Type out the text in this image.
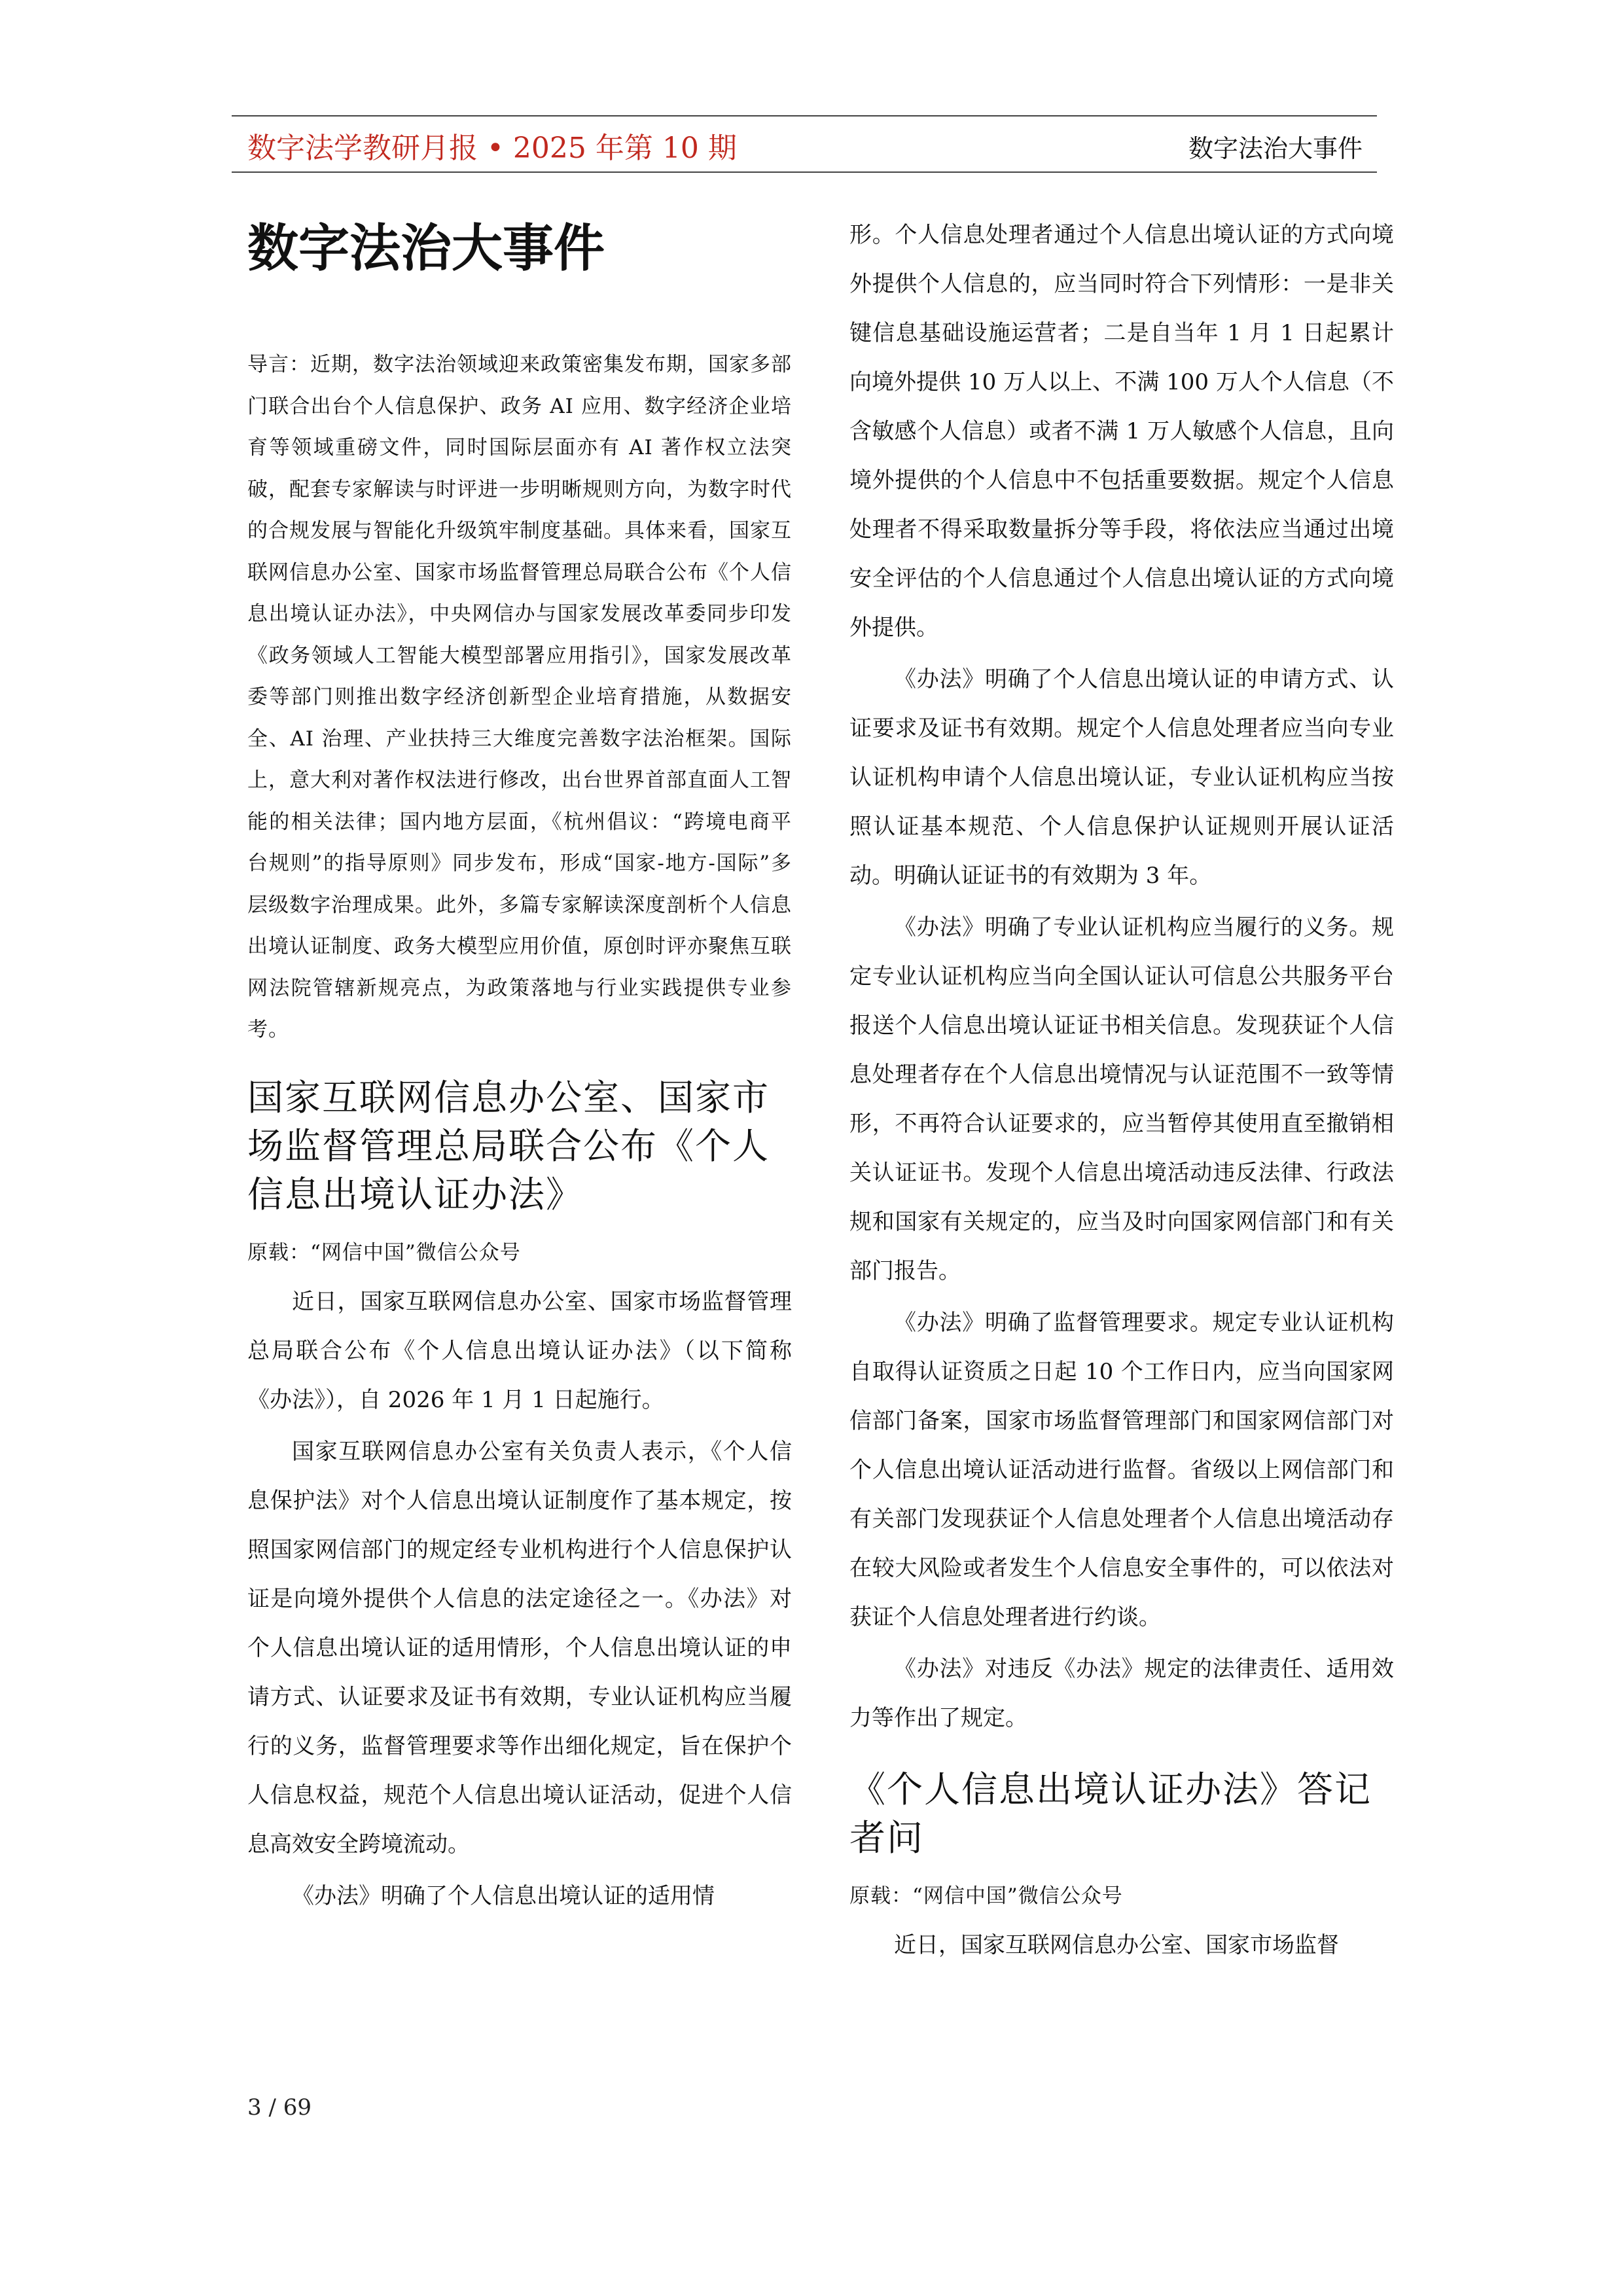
数字法学教研月报 • 2025 年第 10 期	数字法治大事件
数字法治大事件

导言：近期，数字法治领域迎来政策密集发布期，国家多部门联合出台个人信息保护、政务 AI 应用、数字经济企业培育等领域重磅文件，同时国际层面亦有 AI 著作权立法突破，配套专家解读与时评进一步明晰规则方向，为数字时代的合规发展与智能化升级筑牢制度基础。具体来看，国家互联网信息办公室、国家市场监督管理总局联合公布《个人信息出境认证办法》，中央网信办与国家发展改革委同步印发《政务领域人工智能大模型部署应用指引》，国家发展改革委等部门则推出数字经济创新型企业培育措施，从数据安全、AI 治理、产业扶持三大维度完善数字法治框架。国际上，意大利对著作权法进行修改，出台世界首部直面人工智能的相关法律；国内地方层面，《杭州倡议：“跨境电商平台规则”的指导原则》同步发布，形成“国家-地方-国际”多层级数字治理成果。此外，多篇专家解读深度剖析个人信息出境认证制度、政务大模型应用价值，原创时评亦聚焦互联网法院管辖新规亮点，为政策落地与行业实践提供专业参考。

国家互联网信息办公室、国家市场监督管理总局联合公布《个人信息出境认证办法》

原载：“网信中国”微信公众号

近日，国家互联网信息办公室、国家市场监督管理总局联合公布《个人信息出境认证办法》（以下简称《办法》），自 2026 年 1 月 1 日起施行。

国家互联网信息办公室有关负责人表示，《个人信息保护法》对个人信息出境认证制度作了基本规定，按照国家网信部门的规定经专业机构进行个人信息保护认证是向境外提供个人信息的法定途径之一。《办法》对个人信息出境认证的适用情形，个人信息出境认证的申请方式、认证要求及证书有效期，专业认证机构应当履行的义务，监督管理要求等作出细化规定，旨在保护个人信息权益，规范个人信息出境认证活动，促进个人信息高效安全跨境流动。

《办法》明确了个人信息出境认证的适用情

形。个人信息处理者通过个人信息出境认证的方式向境外提供个人信息的，应当同时符合下列情形：一是非关键信息基础设施运营者；二是自当年 1 月 1 日起累计向境外提供 10 万人以上、不满 100 万人个人信息（不含敏感个人信息）或者不满 1 万人敏感个人信息，且向境外提供的个人信息中不包括重要数据。规定个人信息处理者不得采取数量拆分等手段，将依法应当通过出境安全评估的个人信息通过个人信息出境认证的方式向境外提供。

《办法》明确了个人信息出境认证的申请方式、认证要求及证书有效期。规定个人信息处理者应当向专业认证机构申请个人信息出境认证，专业认证机构应当按照认证基本规范、个人信息保护认证规则开展认证活动。明确认证证书的有效期为 3 年。

《办法》明确了专业认证机构应当履行的义务。规定专业认证机构应当向全国认证认可信息公共服务平台报送个人信息出境认证证书相关信息。发现获证个人信息处理者存在个人信息出境情况与认证范围不一致等情形，不再符合认证要求的，应当暂停其使用直至撤销相关认证证书。发现个人信息出境活动违反法律、行政法规和国家有关规定的，应当及时向国家网信部门和有关部门报告。

《办法》明确了监督管理要求。规定专业认证机构自取得认证资质之日起 10 个工作日内，应当向国家网信部门备案，国家市场监督管理部门和国家网信部门对个人信息出境认证活动进行监督。省级以上网信部门和有关部门发现获证个人信息处理者个人信息出境活动存在较大风险或者发生个人信息安全事件的，可以依法对获证个人信息处理者进行约谈。

《办法》对违反《办法》规定的法律责任、适用效力等作出了规定。

《个人信息出境认证办法》答记者问

原载：“网信中国”微信公众号

近日，国家互联网信息办公室、国家市场监督

3 / 69
